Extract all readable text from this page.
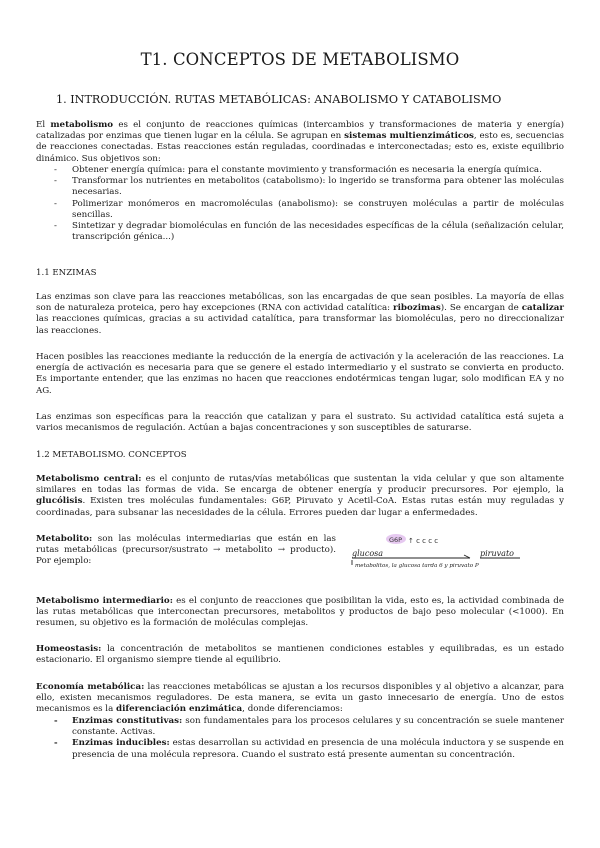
T1. CONCEPTOS DE METABOLISMO
1. INTRODUCCIÓN. RUTAS METABÓLICAS: ANABOLISMO Y CATABOLISMO
El metabolismo es el conjunto de reacciones químicas (intercambios y transformaciones de materia y energía) catalizadas por enzimas que tienen lugar en la célula. Se agrupan en sistemas multienzimáticos, esto es, secuencias de reacciones conectadas. Estas reacciones están reguladas, coordinadas e interconectadas; esto es, existe equilibrio dinámico. Sus objetivos son:
- Obtener energía química: para el constante movimiento y transformación es necesaria la energía química.
- Transformar los nutrientes en metabolitos (catabolismo): lo ingerido se transforma para obtener las moléculas necesarias.
- Polimerizar monómeros en macromoléculas (anabolismo): se construyen moléculas a partir de moléculas sencillas.
- Sintetizar y degradar biomoléculas en función de las necesidades específicas de la célula (señalización celular, transcripción génica...)
1.1 ENZIMAS
Las enzimas son clave para las reacciones metabólicas, son las encargadas de que sean posibles. La mayoría de ellas son de naturaleza proteica, pero hay excepciones (RNA con actividad catalítica: ribozimas). Se encargan de catalizar las reacciones químicas, gracias a su actividad catalítica, para transformar las biomoléculas, pero no direccionalizar las reacciones.
Hacen posibles las reacciones mediante la reducción de la energía de activación y la aceleración de las reacciones. La energía de activación es necesaria para que se genere el estado intermediario y el sustrato se convierta en producto. Es importante entender, que las enzimas no hacen que reacciones endotérmicas tengan lugar, solo modifican EA y no AG.
Las enzimas son específicas para la reacción que catalizan y para el sustrato. Su actividad catalítica está sujeta a varios mecanismos de regulación. Actúan a bajas concentraciones y son susceptibles de saturarse.
1.2 METABOLISMO. CONCEPTOS
Metabolismo central: es el conjunto de rutas/vías metabólicas que sustentan la vida celular y que son altamente similares en todas las formas de vida. Se encarga de obtener energía y producir precursores. Por ejemplo, la glucólisis. Existen tres moléculas fundamentales: G6P, Piruvato y Acetil-CoA. Estas rutas están muy reguladas y coordinadas, para subsanar las necesidades de la célula. Errores pueden dar lugar a enfermedades.
Metabolito: son las moléculas intermediarias que están en las rutas metabólicas (precursor/sustrato → metabolito → producto). Por ejemplo:
G6P ↑ c c c c
glucosa	piruvato
metabolitos, la glucosa tarda 6 y piruvato P
Metabolismo intermediario: es el conjunto de reacciones que posibilitan la vida, esto es, la actividad combinada de las rutas metabólicas que interconectan precursores, metabolitos y productos de bajo peso molecular (<1000). En resumen, su objetivo es la formación de moléculas complejas.
Homeostasis: la concentración de metabolitos se mantienen condiciones estables y equilibradas, es un estado estacionario. El organismo siempre tiende al equilibrio.
Economía metabólica: las reacciones metabólicas se ajustan a los recursos disponibles y al objetivo a alcanzar, para ello, existen mecanismos reguladores. De esta manera, se evita un gasto innecesario de energía. Uno de estos mecanismos es la diferenciación enzimática, donde diferenciamos:
- Enzimas constitutivas: son fundamentales para los procesos celulares y su concentración se suele mantener constante. Activas.
- Enzimas inducibles: estas desarrollan su actividad en presencia de una molécula inductora y se suspende en presencia de una molécula represora. Cuando el sustrato está presente aumentan su concentración.
